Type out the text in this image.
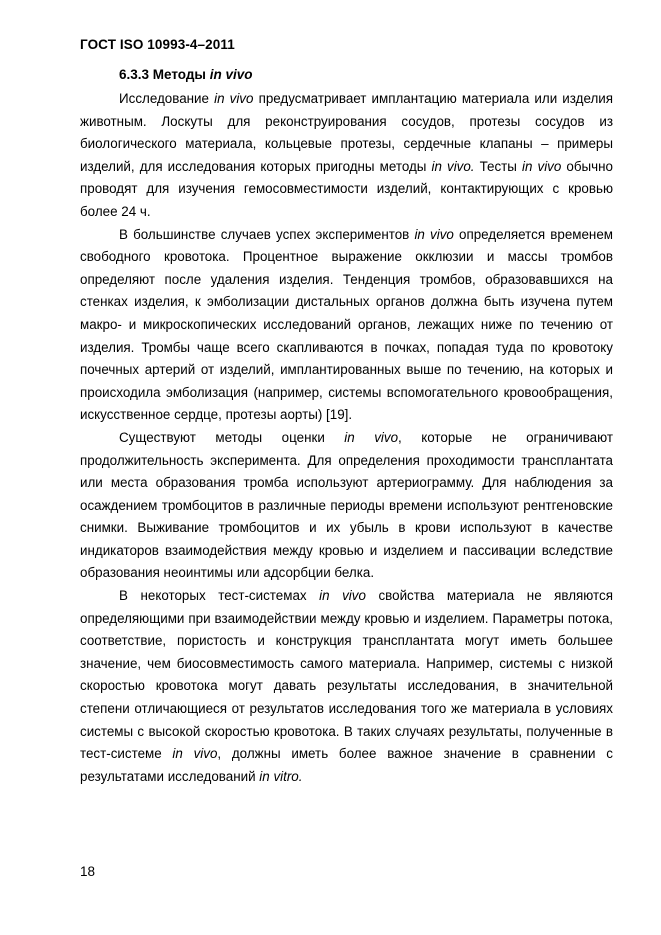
ГОСТ ISO 10993-4–2011
6.3.3 Методы in vivo

Исследование in vivo предусматривает имплантацию материала или изделия животным. Лоскуты для реконструирования сосудов, протезы сосудов из биологического материала, кольцевые протезы, сердечные клапаны – примеры изделий, для исследования которых пригодны методы in vivo. Тесты in vivo обычно проводят для изучения гемосовместимости изделий, контактирующих с кровью более 24 ч.

В большинстве случаев успех экспериментов in vivo определяется временем свободного кровотока. Процентное выражение окклюзии и массы тромбов определяют после удаления изделия. Тенденция тромбов, образовавшихся на стенках изделия, к эмболизации дистальных органов должна быть изучена путем макро- и микроскопических исследований органов, лежащих ниже по течению от изделия. Тромбы чаще всего скапливаются в почках, попадая туда по кровотоку почечных артерий от изделий, имплантированных выше по течению, на которых и происходила эмболизация (например, системы вспомогательного кровообращения, искусственное сердце, протезы аорты) [19].

Существуют методы оценки in vivo, которые не ограничивают продолжительность эксперимента. Для определения проходимости трансплантата или места образования тромба используют артериограмму. Для наблюдения за осаждением тромбоцитов в различные периоды времени используют рентгеновские снимки. Выживание тромбоцитов и их убыль в крови используют в качестве индикаторов взаимодействия между кровью и изделием и пассивации вследствие образования неоинтимы или адсорбции белка.

В некоторых тест-системах in vivo свойства материала не являются определяющими при взаимодействии между кровью и изделием. Параметры потока, соответствие, пористость и конструкция трансплантата могут иметь большее значение, чем биосовместимость самого материала. Например, системы с низкой скоростью кровотока могут давать результаты исследования, в значительной степени отличающиеся от результатов исследования того же материала в условиях системы с высокой скоростью кровотока. В таких случаях результаты, полученные в тест-системе in vivo, должны иметь более важное значение в сравнении с результатами исследований in vitro.

18
